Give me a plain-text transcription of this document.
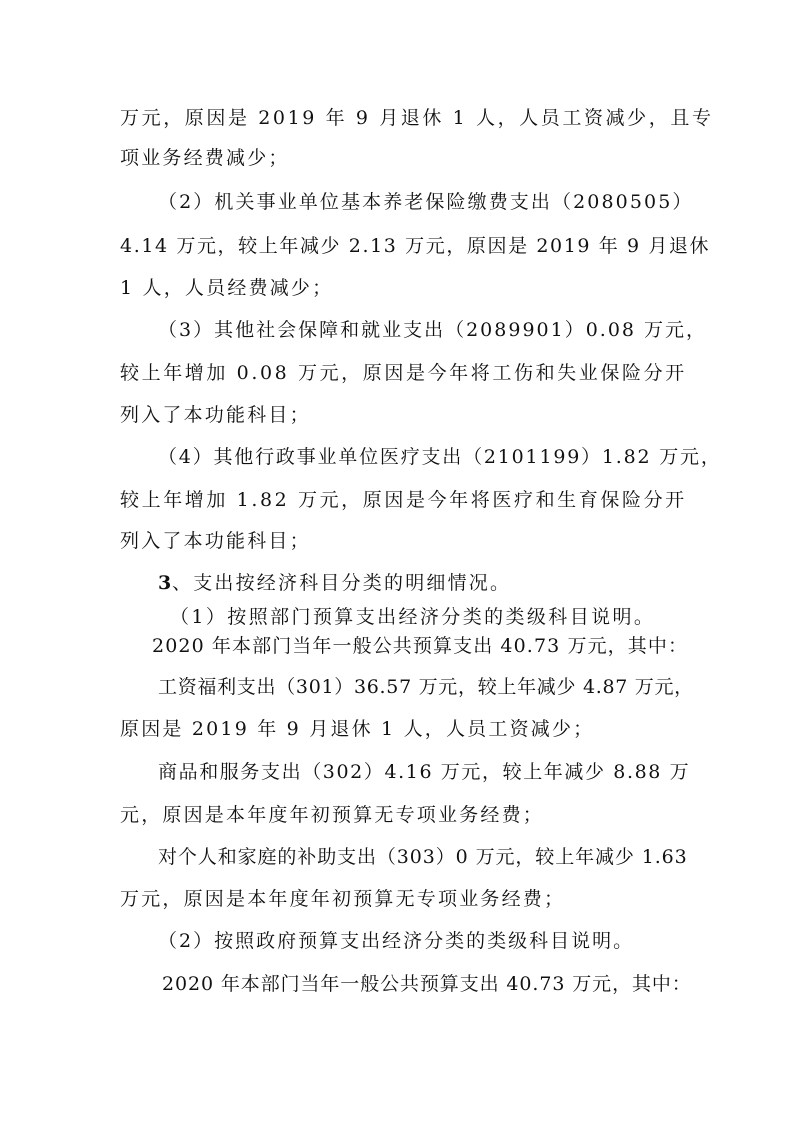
万元，原因是 2019 年 9 月退休 1 人，人员工资减少，且专
项业务经费减少；
（2）机关事业单位基本养老保险缴费支出（2080505）
4.14 万元，较上年减少 2.13 万元，原因是 2019 年 9 月退休
1 人，人员经费减少；
（3）其他社会保障和就业支出（2089901）0.08 万元，
较上年增加 0.08 万元，原因是今年将工伤和失业保险分开
列入了本功能科目；
（4）其他行政事业单位医疗支出（2101199）1.82 万元，
较上年增加 1.82 万元，原因是今年将医疗和生育保险分开
列入了本功能科目；
3
、支出按经济科目分类的明细情况。
（1）按照部门预算支出经济分类的类级科目说明。
2020 年本部门当年一般公共预算支出 40.73 万元，其中：
工资福利支出（301）36.57 万元，较上年减少 4.87 万元，
原因是 2019 年 9 月退休 1 人，人员工资减少；
商品和服务支出（302）4.16 万元，较上年减少 8.88 万
元，原因是本年度年初预算无专项业务经费；
对个人和家庭的补助支出（303）0 万元，较上年减少 1.63
万元，原因是本年度年初预算无专项业务经费；
（2）按照政府预算支出经济分类的类级科目说明。
2020 年本部门当年一般公共预算支出 40.73 万元，其中：
